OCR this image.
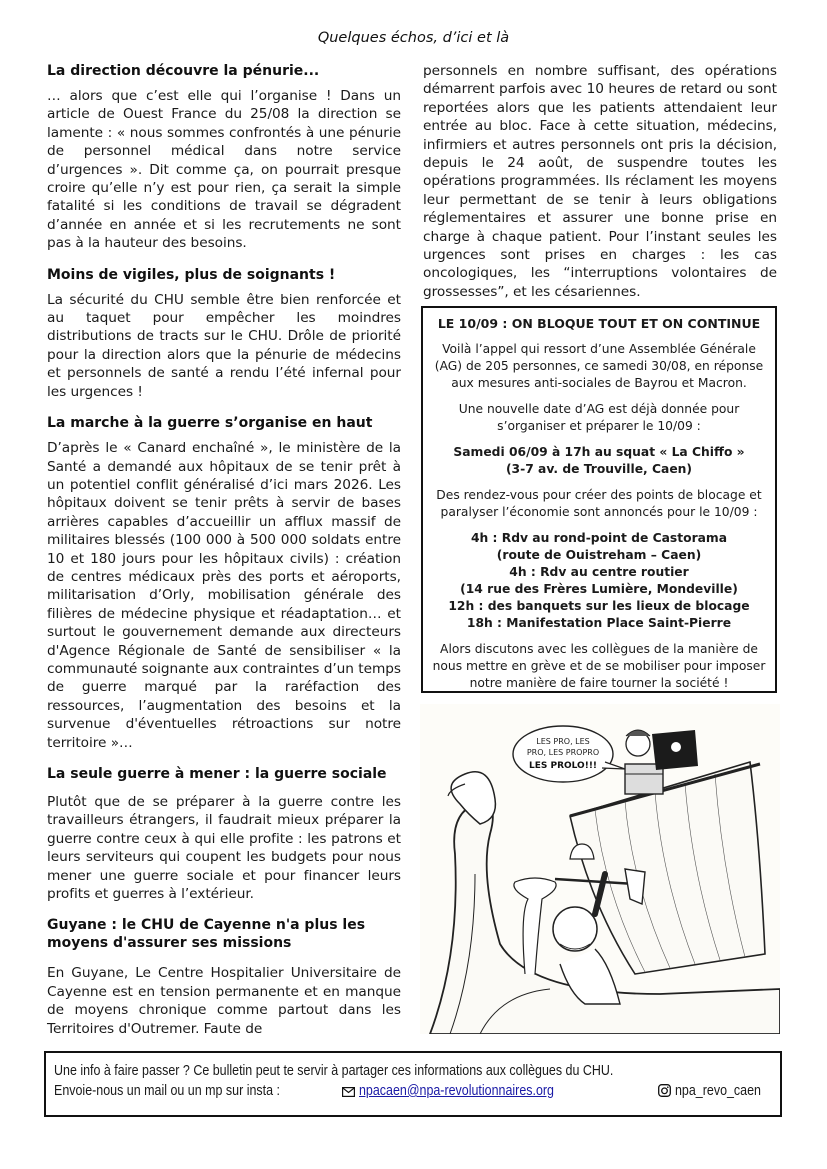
Quelques échos, d’ici et là
La direction découvre la pénurie...

… alors que c’est elle qui l’organise ! Dans un article de Ouest France du 25/08 la direction se lamente : « nous sommes confrontés à une pénurie de personnel médical dans notre service d’urgences ». Dit comme ça, on pourrait presque croire qu’elle n’y est pour rien, ça serait la simple fatalité si les conditions de travail se dégradent d’année en année et si les recrutements ne sont pas à la hauteur des besoins.

Moins de vigiles, plus de soignants !

La sécurité du CHU semble être bien renforcée et au taquet pour empêcher les moindres distributions de tracts sur le CHU. Drôle de priorité pour la direction alors que la pénurie de médecins et personnels de santé a rendu l’été infernal pour les urgences !

La marche à la guerre s’organise en haut

D’après le « Canard enchaîné », le ministère de la Santé a demandé aux hôpitaux de se tenir prêt à un potentiel conflit généralisé d’ici mars 2026. Les hôpitaux doivent se tenir prêts à servir de bases arrières capables d’accueillir un afflux massif de militaires blessés (100 000 à 500 000 soldats entre 10 et 180 jours pour les hôpitaux civils) : création de centres médicaux près des ports et aéroports, militarisation d’Orly, mobilisation générale des filières de médecine physique et réadaptation… et surtout le gouvernement demande aux directeurs d'Agence Régionale de Santé de sensibiliser « la communauté soignante aux contraintes d’un temps de guerre marqué par la raréfaction des ressources, l’augmentation des besoins et la survenue d'éventuelles rétroactions sur notre territoire »…

La seule guerre à mener : la guerre sociale

Plutôt que de se préparer à la guerre contre les travailleurs étrangers, il faudrait mieux préparer la guerre contre ceux à qui elle profite : les patrons et leurs serviteurs qui coupent les budgets pour nous mener une guerre sociale et pour financer leurs profits et guerres à l’extérieur.

Guyane : le CHU de Cayenne n'a plus les moyens d'assurer ses missions

En Guyane, Le Centre Hospitalier Universitaire de Cayenne est en tension permanente et en manque de moyens chronique comme partout dans les Territoires d'Outremer. Faute de

personnels en nombre suffisant, des opérations démarrent parfois avec 10 heures de retard ou sont reportées alors que les patients attendaient leur entrée au bloc. Face à cette situation, médecins, infirmiers et autres personnels ont pris la décision, depuis le 24 août, de suspendre toutes les opérations programmées. Ils réclament les moyens leur permettant de se tenir à leurs obligations réglementaires et assurer une bonne prise en charge à chaque patient. Pour l’instant seules les urgences sont prises en charges : les cas oncologiques, les “interruptions volontaires de grossesses”, et les césariennes.

LE 10/09 : ON BLOQUE TOUT ET ON CONTINUE

Voilà l’appel qui ressort d’une Assemblée Générale (AG) de 205 personnes, ce samedi 30/08, en réponse aux mesures anti-sociales de Bayrou et Macron.

Une nouvelle date d’AG est déjà donnée pour s’organiser et préparer le 10/09 :

Samedi 06/09 à 17h au squat « La Chiffo »
(3-7 av. de Trouville, Caen)

Des rendez-vous pour créer des points de blocage et paralyser l’économie sont annoncés pour le 10/09 :

4h : Rdv au rond-point de Castorama
(route de Ouistreham – Caen)
4h : Rdv au centre routier
(14 rue des Frères Lumière, Mondeville)
12h : des banquets sur les lieux de blocage
18h : Manifestation Place Saint-Pierre

Alors discutons avec les collègues de la manière de nous mettre en grève et de se mobiliser pour imposer notre manière de faire tourner la société !

LES PRO, LES
PRO, LES PROPRO
LES PROLO!!!
Une info à faire passer ? Ce bulletin peut te servir à partager ces informations aux collègues du CHU.
Envoie-nous un mail ou un mp sur insta :	npacaen@npa-revolutionnaires.org	npa_revo_caen
